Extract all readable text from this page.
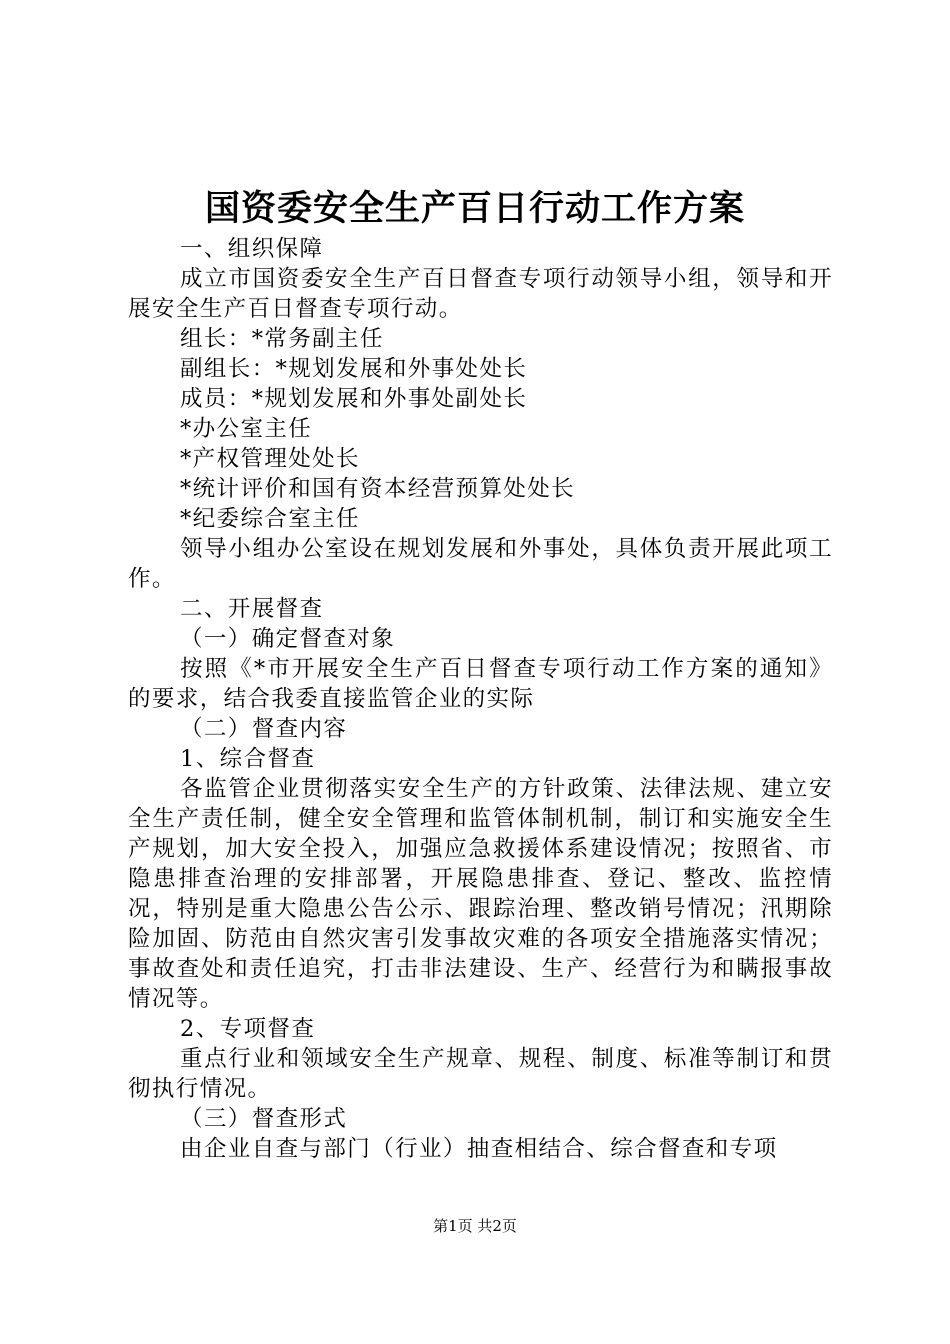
国资委安全生产百日行动工作方案

一、组织保障

成立市国资委安全生产百日督查专项行动领导小组，领导和开展安全生产百日督查专项行动。

组长：*常务副主任

副组长：*规划发展和外事处处长

成员：*规划发展和外事处副处长

*办公室主任

*产权管理处处长

*统计评价和国有资本经营预算处处长

*纪委综合室主任

领导小组办公室设在规划发展和外事处，具体负责开展此项工作。

二、开展督查

（一）确定督查对象

按照《*市开展安全生产百日督查专项行动工作方案的通知》的要求，结合我委直接监管企业的实际

（二）督查内容

1、综合督查

各监管企业贯彻落实安全生产的方针政策、法律法规、建立安全生产责任制，健全安全管理和监管体制机制，制订和实施安全生产规划，加大安全投入，加强应急救援体系建设情况；按照省、市隐患排查治理的安排部署，开展隐患排查、登记、整改、监控情况，特别是重大隐患公告公示、跟踪治理、整改销号情况；汛期除险加固、防范由自然灾害引发事故灾难的各项安全措施落实情况；事故查处和责任追究，打击非法建设、生产、经营行为和瞒报事故情况等。

2、专项督查

重点行业和领域安全生产规章、规程、制度、标准等制订和贯彻执行情况。

（三）督查形式

由企业自查与部门（行业）抽查相结合、综合督查和专项

第1页 共2页
